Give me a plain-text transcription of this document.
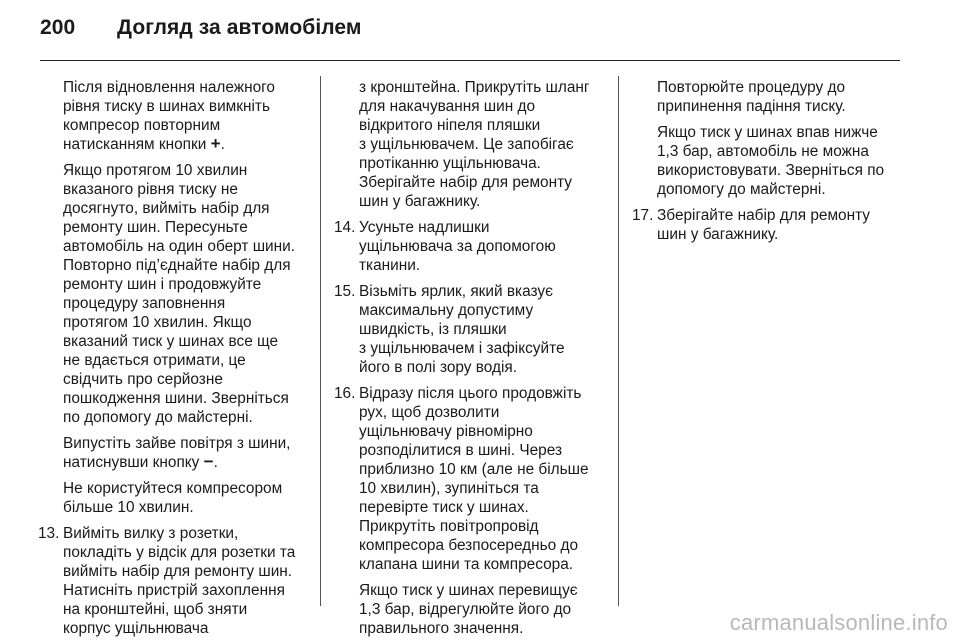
200	Догляд за автомобілем
Після відновлення належного
рівня тиску в шинах вимкніть
компресор повторним
натисканням кнопки +.
Якщо протягом 10 хвилин
вказаного рівня тиску не
досягнуто, вийміть набір для
ремонту шин. Пересуньте
автомобіль на один оберт шини.
Повторно під’єднайте набір для
ремонту шин і продовжуйте
процедуру заповнення
протягом 10 хвилин. Якщо
вказаний тиск у шинах все ще
не вдається отримати, це
свідчить про серйозне
пошкодження шини. Зверніться
по допомогу до майстерні.
Випустіть зайве повітря з шини,
натиснувши кнопку −.
Не користуйтеся компресором
більше 10 хвилин.
13. Вийміть вилку з розетки,
покладіть у відсік для розетки та
вийміть набір для ремонту шин.
Натисніть пристрій захоплення
на кронштейні, щоб зняти
корпус ущільнювача
з кронштейна. Прикрутіть шланг
для накачування шин до
відкритого ніпеля пляшки
з ущільнювачем. Це запобігає
протіканню ущільнювача.
Зберігайте набір для ремонту
шин у багажнику.
14. Усуньте надлишки
ущільнювача за допомогою
тканини.
15. Візьміть ярлик, який вказує
максимальну допустиму
швидкість, із пляшки
з ущільнювачем і зафіксуйте
його в полі зору водія.
16. Відразу після цього продовжіть
рух, щоб дозволити
ущільнювачу рівномірно
розподілитися в шині. Через
приблизно 10 км (але не більше
10 хвилин), зупиніться та
перевірте тиск у шинах.
Прикрутіть повітропровід
компресора безпосередньо до
клапана шини та компресора.
Якщо тиск у шинах перевищує
1,3 бар, відрегулюйте його до
правильного значення.
Повторюйте процедуру до
припинення падіння тиску.
Якщо тиск у шинах впав нижче
1,3 бар, автомобіль не можна
використовувати. Зверніться по
допомогу до майстерні.
17. Зберігайте набір для ремонту
шин у багажнику.
carmanualsonline.info
